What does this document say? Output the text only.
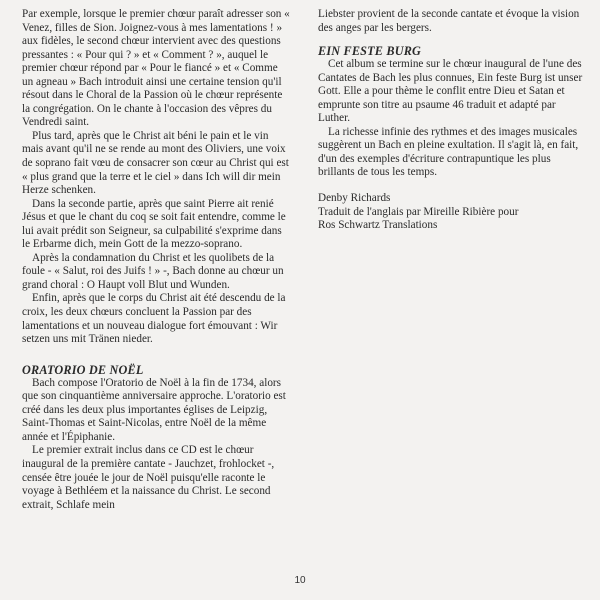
Par exemple, lorsque le premier chœur paraît adresser son « Venez, filles de Sion. Joignez-vous à mes lamentations ! » aux fidèles, le second chœur intervient avec des questions pressantes : « Pour qui ? » et « Comment ? », auquel le premier chœur répond par « Pour le fiancé » et « Comme un agneau » Bach introduit ainsi une certaine tension qu'il résout dans le Choral de la Passion où le chœur représente la congrégation. On le chante à l'occasion des vêpres du Vendredi saint.

Plus tard, après que le Christ ait béni le pain et le vin mais avant qu'il ne se rende au mont des Oliviers, une voix de soprano fait vœu de consacrer son cœur au Christ qui est « plus grand que la terre et le ciel » dans Ich will dir mein Herze schenken.

Dans la seconde partie, après que saint Pierre ait renié Jésus et que le chant du coq se soit fait entendre, comme le lui avait prédit son Seigneur, sa culpabilité s'exprime dans le Erbarme dich, mein Gott de la mezzo-soprano.

Après la condamnation du Christ et les quolibets de la foule - « Salut, roi des Juifs ! » -, Bach donne au chœur un grand choral : O Haupt voll Blut und Wunden.

Enfin, après que le corps du Christ ait été descendu de la croix, les deux chœurs concluent la Passion par des lamentations et un nouveau dialogue fort émouvant : Wir setzen uns mit Tränen nieder.

ORATORIO DE NOËL

Bach compose l'Oratorio de Noël à la fin de 1734, alors que son cinquantième anniversaire approche. L'oratorio est créé dans les deux plus importantes églises de Leipzig, Saint-Thomas et Saint-Nicolas, entre Noël de la même année et l'Épiphanie.

Le premier extrait inclus dans ce CD est le chœur inaugural de la première cantate - Jauchzet, frohlocket -, censée être jouée le jour de Noël puisqu'elle raconte le voyage à Bethléem et la naissance du Christ. Le second extrait, Schlafe mein

Liebster provient de la seconde cantate et évoque la vision des anges par les bergers.

EIN FESTE BURG

Cet album se termine sur le chœur inaugural de l'une des Cantates de Bach les plus connues, Ein feste Burg ist unser Gott. Elle a pour thème le conflit entre Dieu et Satan et emprunte son titre au psaume 46 traduit et adapté par Luther.

La richesse infinie des rythmes et des images musicales suggèrent un Bach en pleine exultation. Il s'agit là, en fait, d'un des exemples d'écriture contrapuntique les plus brillants de tous les temps.

Denby Richards
Traduit de l'anglais par Mireille Ribière pour
Ros Schwartz Translations

10
